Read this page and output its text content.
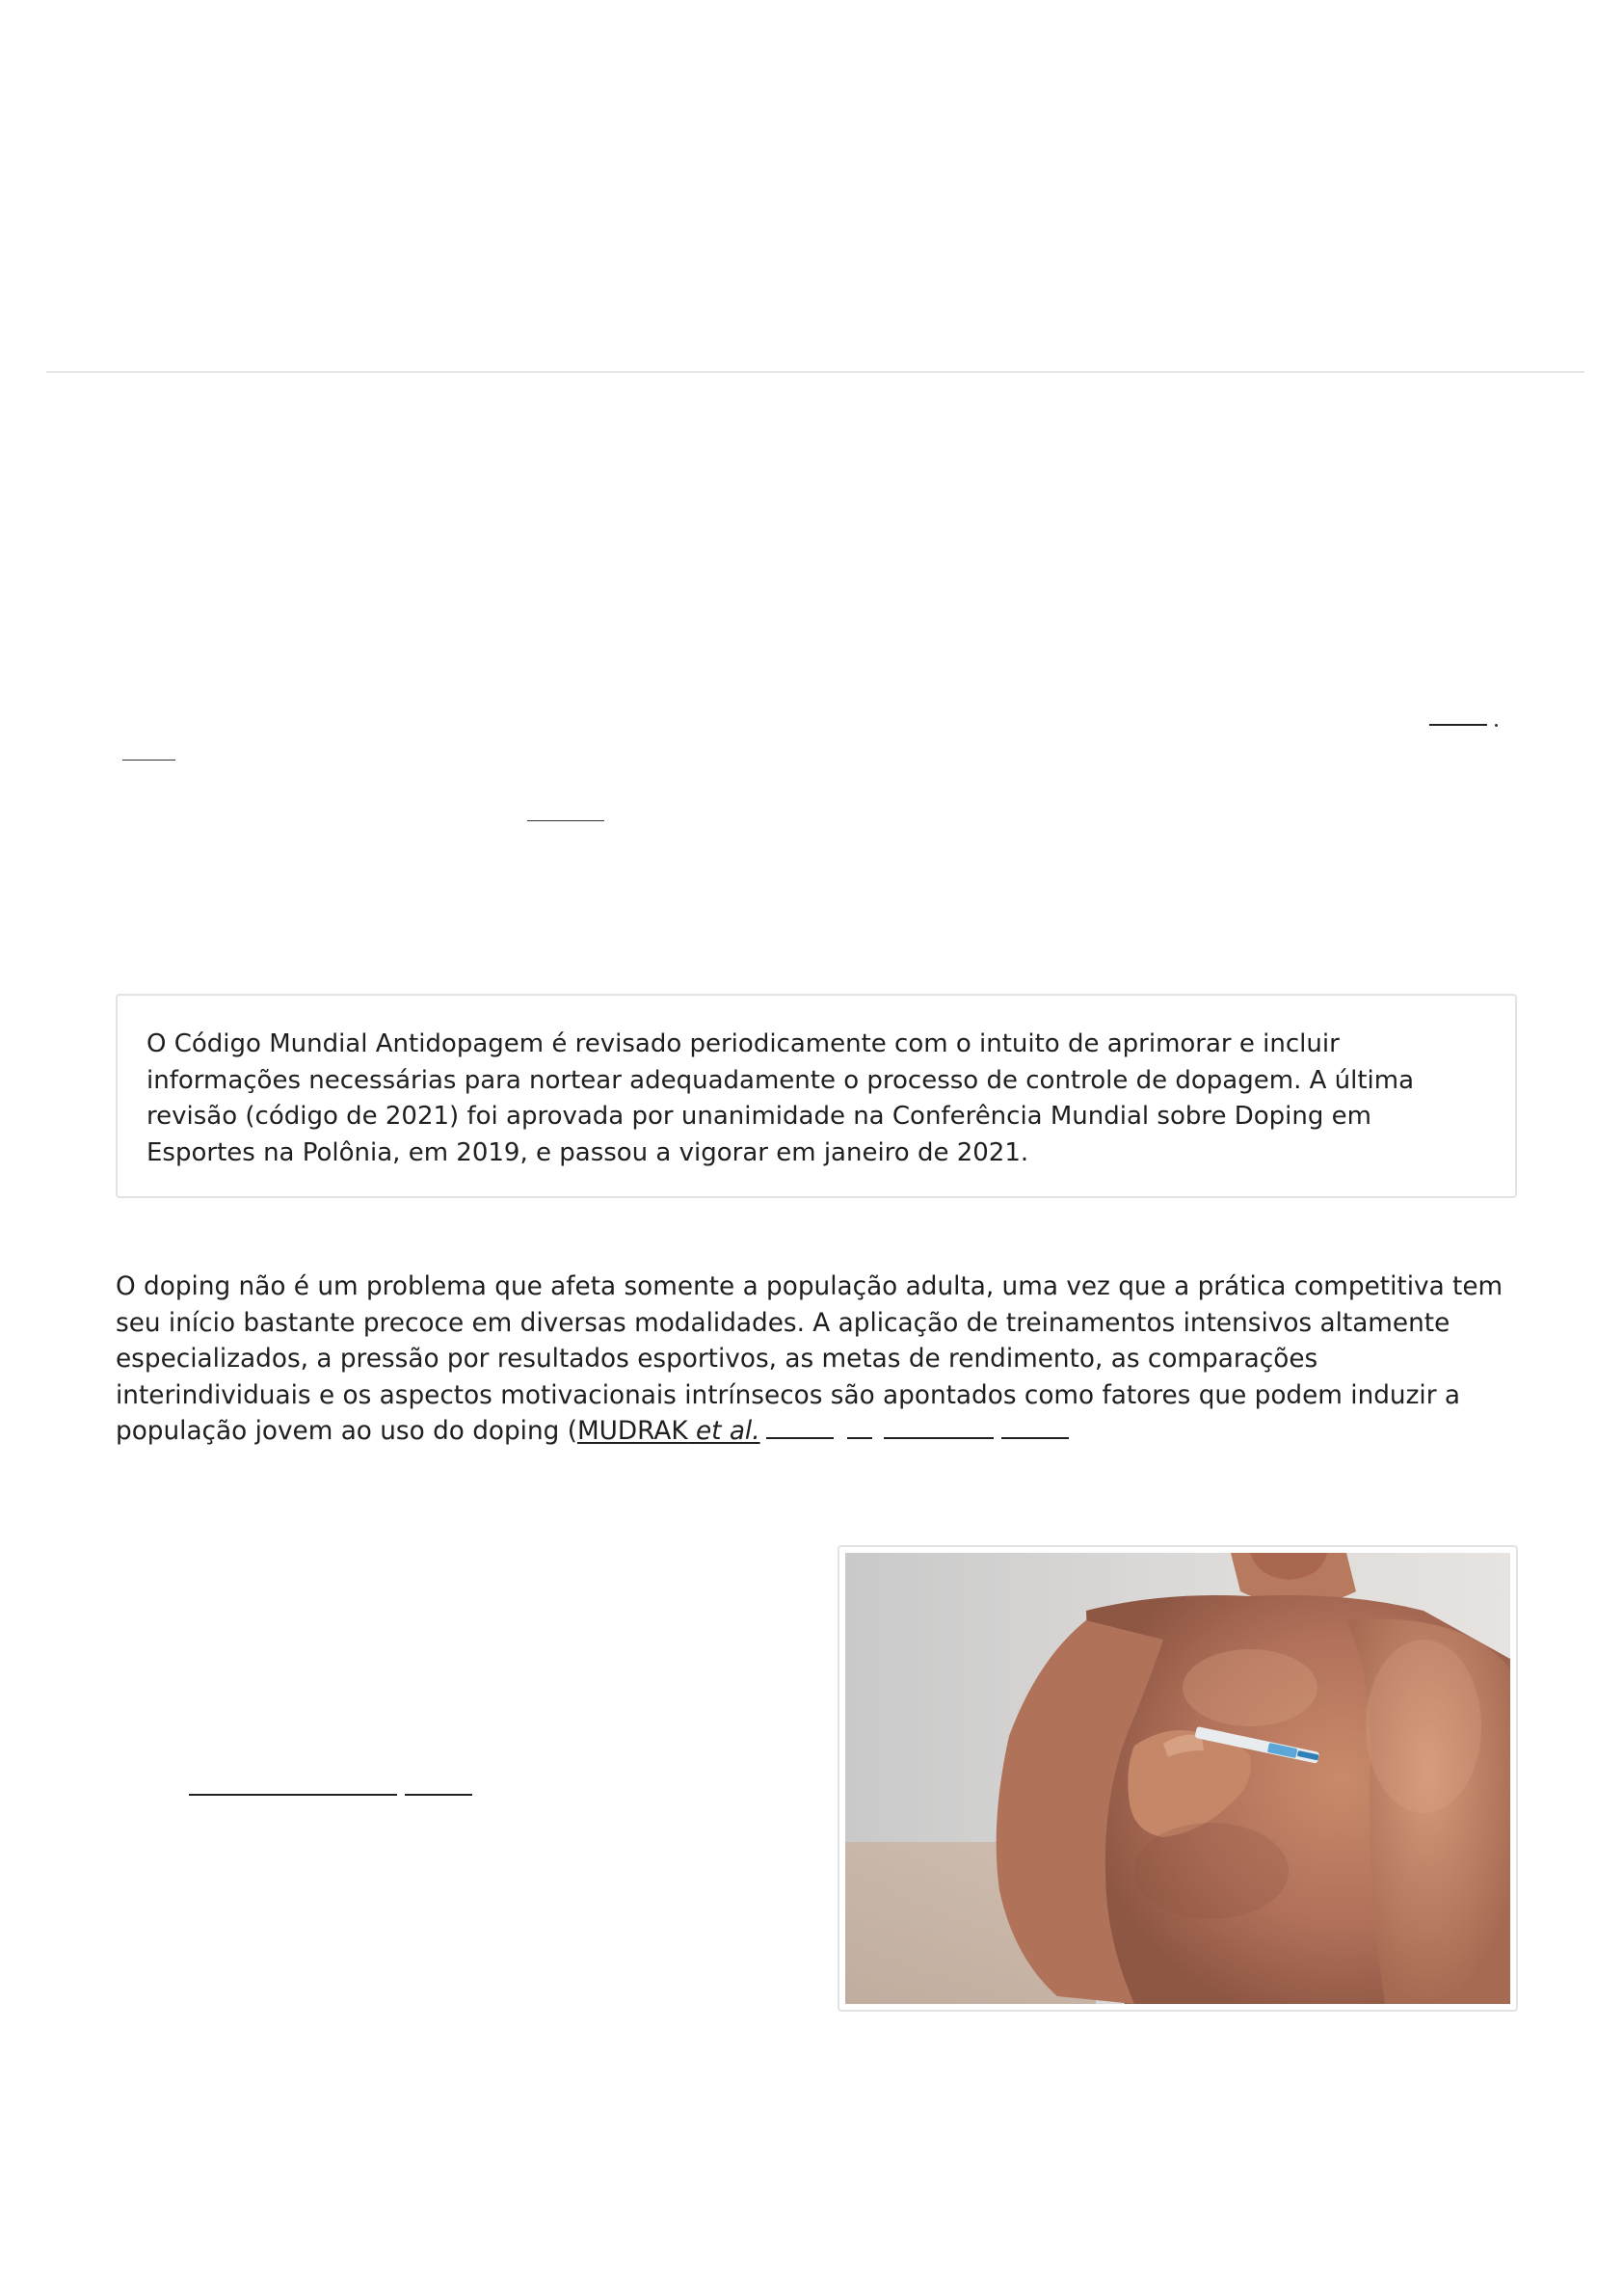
O Código Mundial Antidopagem é revisado periodicamente com o intuito de aprimorar e incluir informações necessárias para nortear adequadamente o processo de controle de dopagem. A última revisão (código de 2021) foi aprovada por unanimidade na Conferência Mundial sobre Doping em Esportes na Polônia, em 2019, e passou a vigorar em janeiro de 2021.

O doping não é um problema que afeta somente a população adulta, uma vez que a prática competitiva tem seu início bastante precoce em diversas modalidades. A aplicação de treinamentos intensivos altamente especializados, a pressão por resultados esportivos, as metas de rendimento, as comparações interindividuais e os aspectos motivacionais intrínsecos são apontados como fatores que podem induzir a população jovem ao uso do doping (MUDRAK et al.
